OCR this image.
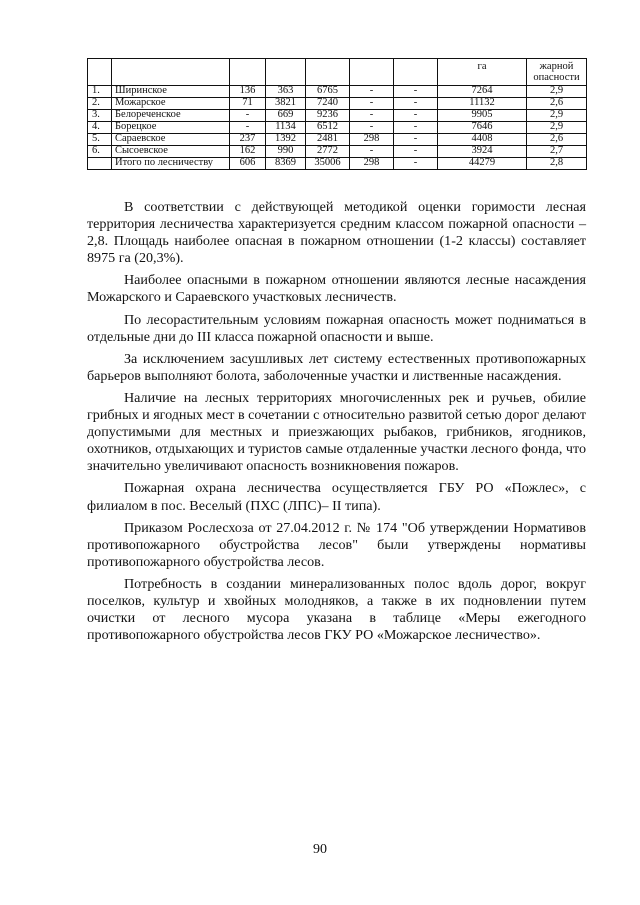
							га	жарной
								опасности
1.	Ширинское	136	363	6765	-	-	7264	2,9
2.	Можарское	71	3821	7240	-	-	11132	2,6
3.	Белореченское	-	669	9236	-	-	9905	2,9
4.	Борецкое	-	1134	6512	-	-	7646	2,9
5.	Сараевское	237	1392	2481	298	-	4408	2,6
6.	Сысоевское	162	990	2772	-	-	3924	2,7
	Итого по лесничеству	606	8369	35006	298	-	44279	2,8

В соответствии с действующей методикой оценки горимости лесная территория лесничества характеризуется средним классом пожарной опасности – 2,8. Площадь наиболее опасная в пожарном отношении (1-2 классы) составляет 8975 га (20,3%).

Наиболее опасными в пожарном отношении являются лесные насаждения Можарского и Сараевского участковых лесничеств.

По лесорастительным условиям пожарная опасность может подниматься в отдельные дни до III класса пожарной опасности и выше.

За исключением засушливых лет систему естественных противопожарных барьеров выполняют болота, заболоченные участки и лиственные насаждения.

Наличие на лесных территориях многочисленных рек и ручьев, обилие грибных и ягодных мест в сочетании с относительно развитой сетью дорог делают допустимыми для местных и приезжающих рыбаков, грибников, ягодников, охотников, отдыхающих и туристов самые отдаленные участки лесного фонда, что значительно увеличивают опасность возникновения пожаров.

Пожарная охрана лесничества осуществляется ГБУ РО «Пожлес», с филиалом в пос. Веселый (ПХС (ЛПС)– II типа).

Приказом Рослесхоза от 27.04.2012 г. № 174 "Об утверждении Нормативов противопожарного обустройства лесов" были утверждены нормативы противопожарного обустройства лесов.

Потребность в создании минерализованных полос вдоль дорог, вокруг поселков, культур и хвойных молодняков, а также в их подновлении путем очистки от лесного мусора указана в таблице «Меры ежегодного противопожарного обустройства лесов ГКУ РО «Можарское лесничество».

90
